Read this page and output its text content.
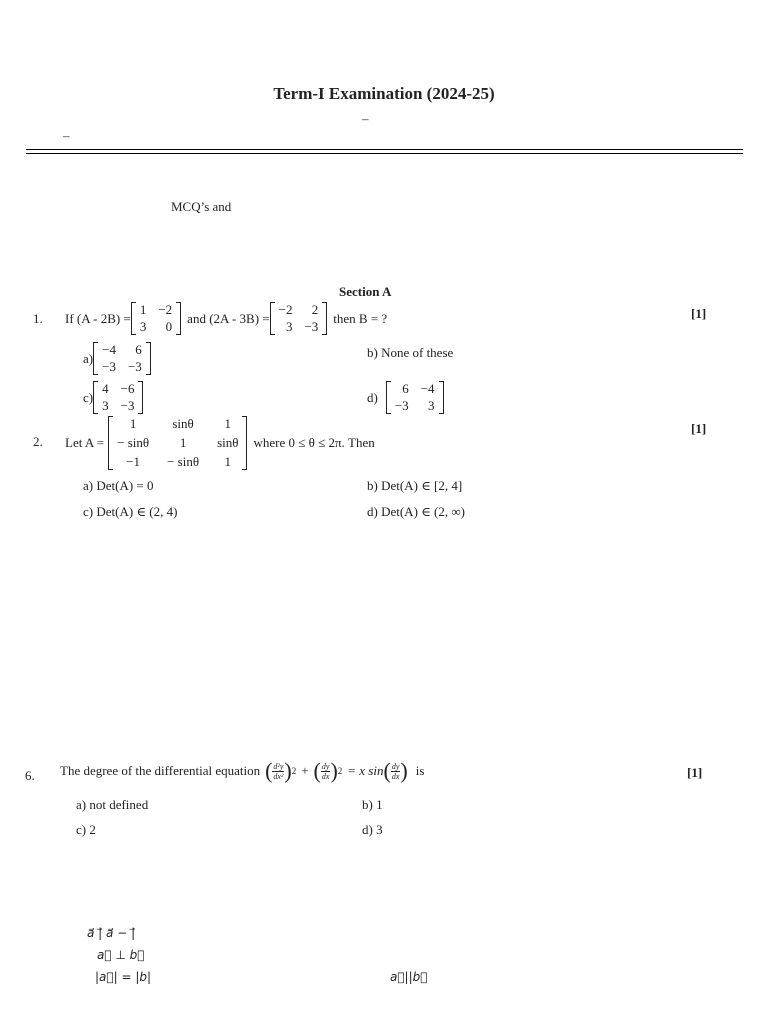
Term-I Examination (2024-25)
–
–
MCQ’s and
Section A
1. If (A - 2B) =
1 −2
3	0
and (2A - 3B) =
−2	2
3 −3
then B = ?	[1]
a)
−4	6
−3 −3
b) None of these
c)
4 −6
3 −3
d)
6 −4
−3	3
2. Let A =
1	sinθ	1
− sinθ	1	sinθ
−1	− sinθ	1
where 0 ≤ θ ≤ 2π. Then
[1]
a) Det(A) = 0	b) Det(A) ∈ [2, 4]
c) Det(A) ∈ (2, 4)	d) Det(A) ∈ (2, ∞)
6. The degree of the differential equation ( $\frac{\text{d²y}}{\text{dx²}}$ ) 2 + ( $\frac{dy}{dx}$ ) 2 = x sin ( $\frac{dy}{dx}$ ) is	[1]
a) not defined	b) 1
c) 2	d) 3
a⃗ |⃗ a⃗ − |⃗
a⃞ ⊥ b⃞
|a⃞| = |b|	a⃞||b⃞
